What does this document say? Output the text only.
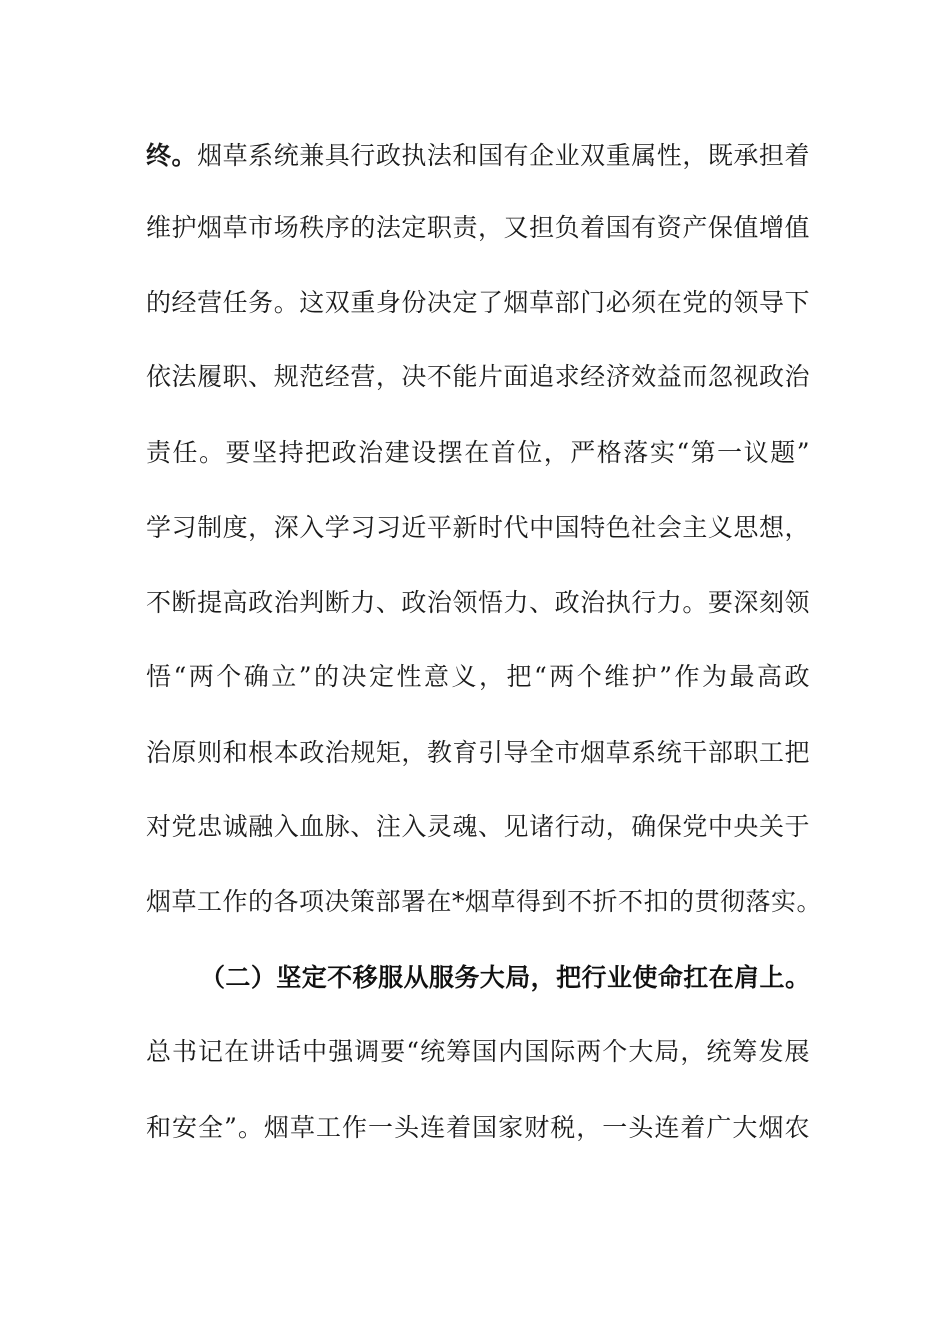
终。烟草系统兼具行政执法和国有企业双重属性，既承担着
维护烟草市场秩序的法定职责，又担负着国有资产保值增值
的经营任务。这双重身份决定了烟草部门必须在党的领导下
依法履职、规范经营，决不能片面追求经济效益而忽视政治
责任。要坚持把政治建设摆在首位，严格落实“第一议题”
学习制度，深入学习习近平新时代中国特色社会主义思想，
不断提高政治判断力、政治领悟力、政治执行力。要深刻领
悟“两个确立”的决定性意义，把“两个维护”作为最高政
治原则和根本政治规矩，教育引导全市烟草系统干部职工把
对党忠诚融入血脉、注入灵魂、见诸行动，确保党中央关于
烟草工作的各项决策部署在*烟草得到不折不扣的贯彻落实。
（二）坚定不移服从服务大局，把行业使命扛在肩上。
总书记在讲话中强调要“统筹国内国际两个大局，统筹发展
和安全”。烟草工作一头连着国家财税，一头连着广大烟农
